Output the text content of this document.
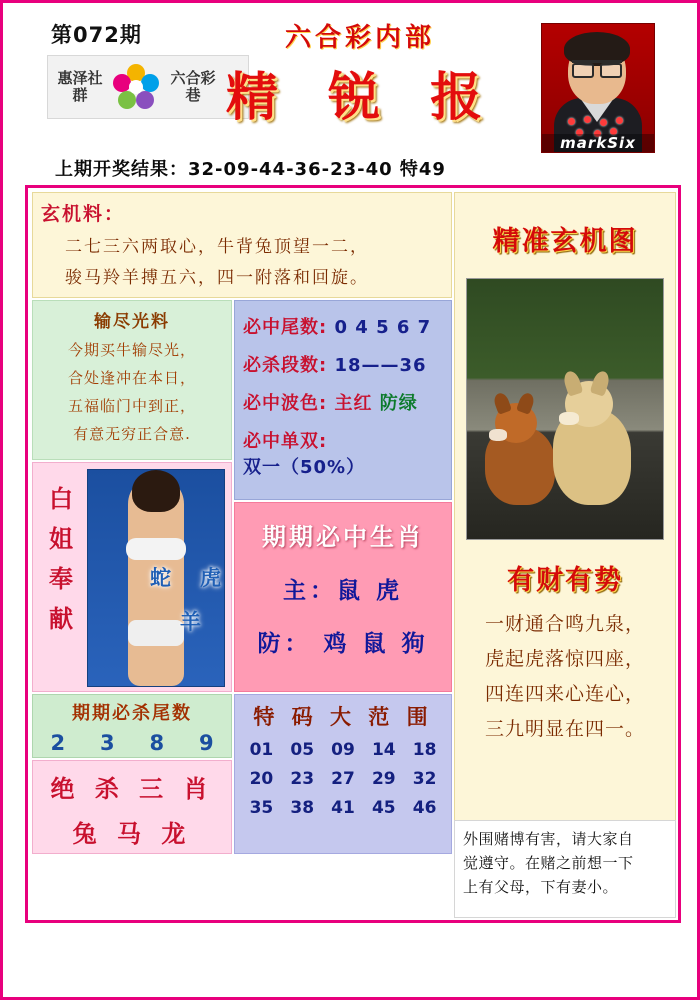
第072期
惠泽社群
六合彩巷
六合彩内部
精 锐 报
markSix
上期开奖结果：32-09-44-36-23-40 特49
玄机料：
二七三六两取心，牛背兔顶望一二，
骏马羚羊搏五六，四一附落和回旋。
输尽光料
今期买牛输尽光，
合处逢冲在本日，
五福临门中到正，
有意无穷正合意.
白姐奉献
蛇 虎
羊
期期必杀尾数
2 3 8 9
绝 杀 三 肖
兔 马 龙
必中尾数: 0 4 5 6 7
必杀段数: 18——36
必中波色: 主红 防绿
必中单双: 双一（50%）
期期必中生肖
主：鼠 虎
防： 鸡 鼠 狗
特 码 大 范 围
01 05 09 14 18
20 23 27 29 32
35 38 41 45 46
精准玄机图
有财有势
一财通合鸣九泉，
虎起虎落惊四座，
四连四来心连心，
三九明显在四一。
外围赌博有害，请大家自
觉遵守。在赌之前想一下
上有父母，下有妻小。
